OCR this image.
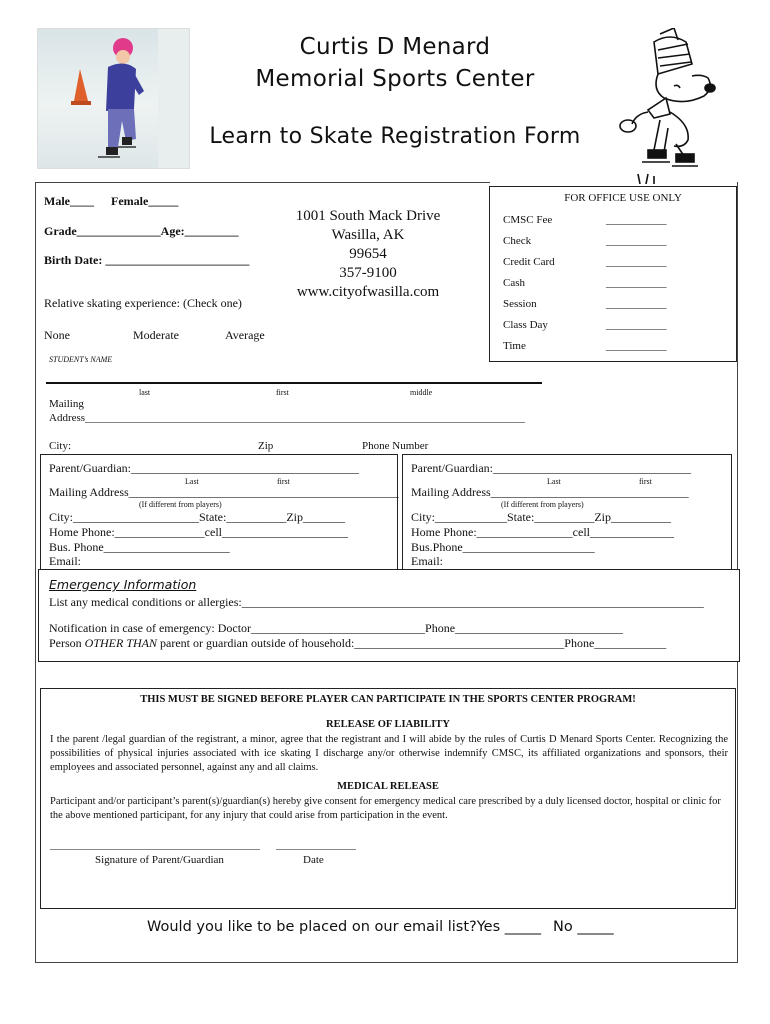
Curtis D Menard
Memorial Sports Center
Learn to Skate Registration Form
Male____ Female_____
Grade______________Age:_________
Birth Date: ________________________
Relative skating experience: (Check one)
None	Moderate	Average
1001 South Mack Drive
Wasilla, AK
99654
357-9100
www.cityofwasilla.com
FOR OFFICE USE ONLY
CMSC Fee	___________
Check	___________
Credit Card	___________
Cash	___________
Session	___________
Class Day	___________
Time	___________
STUDENT’s NAME
last	first	middle
Mailing
Address________________________________________________________________________________
City:	Zip	Phone Number
Parent/Guardian:______________________________________
Last	first
Mailing Address_____________________________________________
(If different from players)
City:_____________________State:__________Zip_______
Home Phone:_______________cell_____________________
Bus. Phone_____________________
Email:
Parent/Guardian:_________________________________
Last	first
Mailing Address_________________________________
(If different from players)
City:____________State:__________Zip__________
Home Phone:________________cell______________
Bus.Phone______________________
Email:
Emergency Information
List any medical conditions or allergies:_____________________________________________________________________________
Notification in case of emergency: Doctor_____________________________Phone____________________________
Person OTHER THAN parent or guardian outside of household:___________________________________Phone____________
THIS MUST BE SIGNED BEFORE PLAYER CAN PARTICIPATE IN THE SPORTS CENTER PROGRAM!
RELEASE OF LIABILITY
I the parent /legal guardian of the registrant, a minor, agree that the registrant and I will abide by the rules of Curtis D Menard Sports Center. Recognizing the possibilities of physical injuries associated with ice skating I discharge any/or otherwise indemnify CMSC, its affiliated organizations and sponsors, their employees and associated personnel, against any and all claims.
MEDICAL RELEASE
Participant and/or participant’s parent(s)/guardian(s) hereby give consent for emergency medical care prescribed by a duly licensed doctor, hospital or clinic for the above mentioned participant, for any injury that could arise from participation in the event.
Signature of Parent/Guardian	Date
Would you like to be placed on our email list?Yes _____ No _____
